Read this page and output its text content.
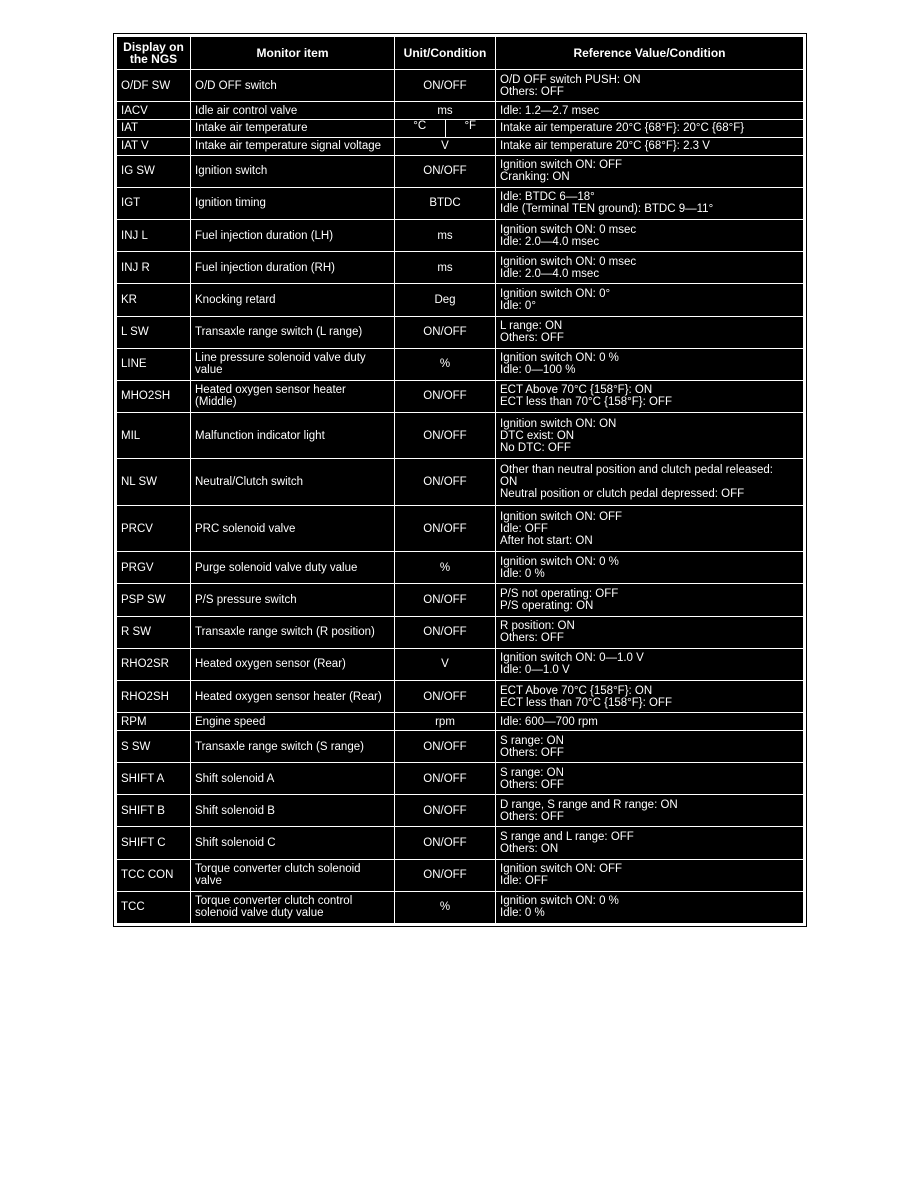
Display on the NGS	Monitor item	Unit/Condition	Reference Value/Condition
O/DF SW	O/D OFF switch	ON/OFF	O/D OFF switch PUSH: ON
Others: OFF

IACV	Idle air control valve	ms	Idle: 1.2—2.7 msec

IAT	Intake air temperature	°C °F	Intake air temperature 20°C {68°F}: 20°C {68°F}

IAT V	Intake air temperature signal voltage	V	Intake air temperature 20°C {68°F}: 2.3 V

IG SW	Ignition switch	ON/OFF	Ignition switch ON: OFF
Cranking: ON

IGT	Ignition timing	BTDC	Idle: BTDC 6—18°
Idle (Terminal TEN ground): BTDC 9—11°

INJ L	Fuel injection duration (LH)	ms	Ignition switch ON: 0 msec
Idle: 2.0—4.0 msec

INJ R	Fuel injection duration (RH)	ms	Ignition switch ON: 0 msec
Idle: 2.0—4.0 msec

KR	Knocking retard	Deg	Ignition switch ON: 0°
Idle: 0°

L SW	Transaxle range switch (L range)	ON/OFF	L range: ON
Others: OFF

LINE	Line pressure solenoid valve duty value	%	Ignition switch ON: 0 %
Idle: 0—100 %

MHO2SH	Heated oxygen sensor heater (Middle)	ON/OFF	ECT Above 70°C {158°F}: ON
ECT less than 70°C {158°F}: OFF

MIL	Malfunction indicator light	ON/OFF	Ignition switch ON: ON
DTC exist: ON
No DTC: OFF

NL SW	Neutral/Clutch switch	ON/OFF	Other than neutral position and clutch pedal released:
ON
Neutral position or clutch pedal depressed: OFF

PRCV	PRC solenoid valve	ON/OFF	Ignition switch ON: OFF
Idle: OFF
After hot start: ON

PRGV	Purge solenoid valve duty value	%	Ignition switch ON: 0 %
Idle: 0 %

PSP SW	P/S pressure switch	ON/OFF	P/S not operating: OFF
P/S operating: ON

R SW	Transaxle range switch (R position)	ON/OFF	R position: ON
Others: OFF

RHO2SR	Heated oxygen sensor (Rear)	V	Ignition switch ON: 0—1.0 V
Idle: 0—1.0 V

RHO2SH	Heated oxygen sensor heater (Rear)	ON/OFF	ECT Above 70°C {158°F}: ON
ECT less than 70°C {158°F}: OFF

RPM	Engine speed	rpm	Idle: 600—700 rpm

S SW	Transaxle range switch (S range)	ON/OFF	S range: ON
Others: OFF

SHIFT A	Shift solenoid A	ON/OFF	S range: ON
Others: OFF

SHIFT B	Shift solenoid B	ON/OFF	D range, S range and R range: ON
Others: OFF

SHIFT C	Shift solenoid C	ON/OFF	S range and L range: OFF
Others: ON

TCC CON	Torque converter clutch solenoid valve	ON/OFF	Ignition switch ON: OFF
Idle: OFF

TCC	Torque converter clutch control solenoid valve duty value	%	Ignition switch ON: 0 %
Idle: 0 %
